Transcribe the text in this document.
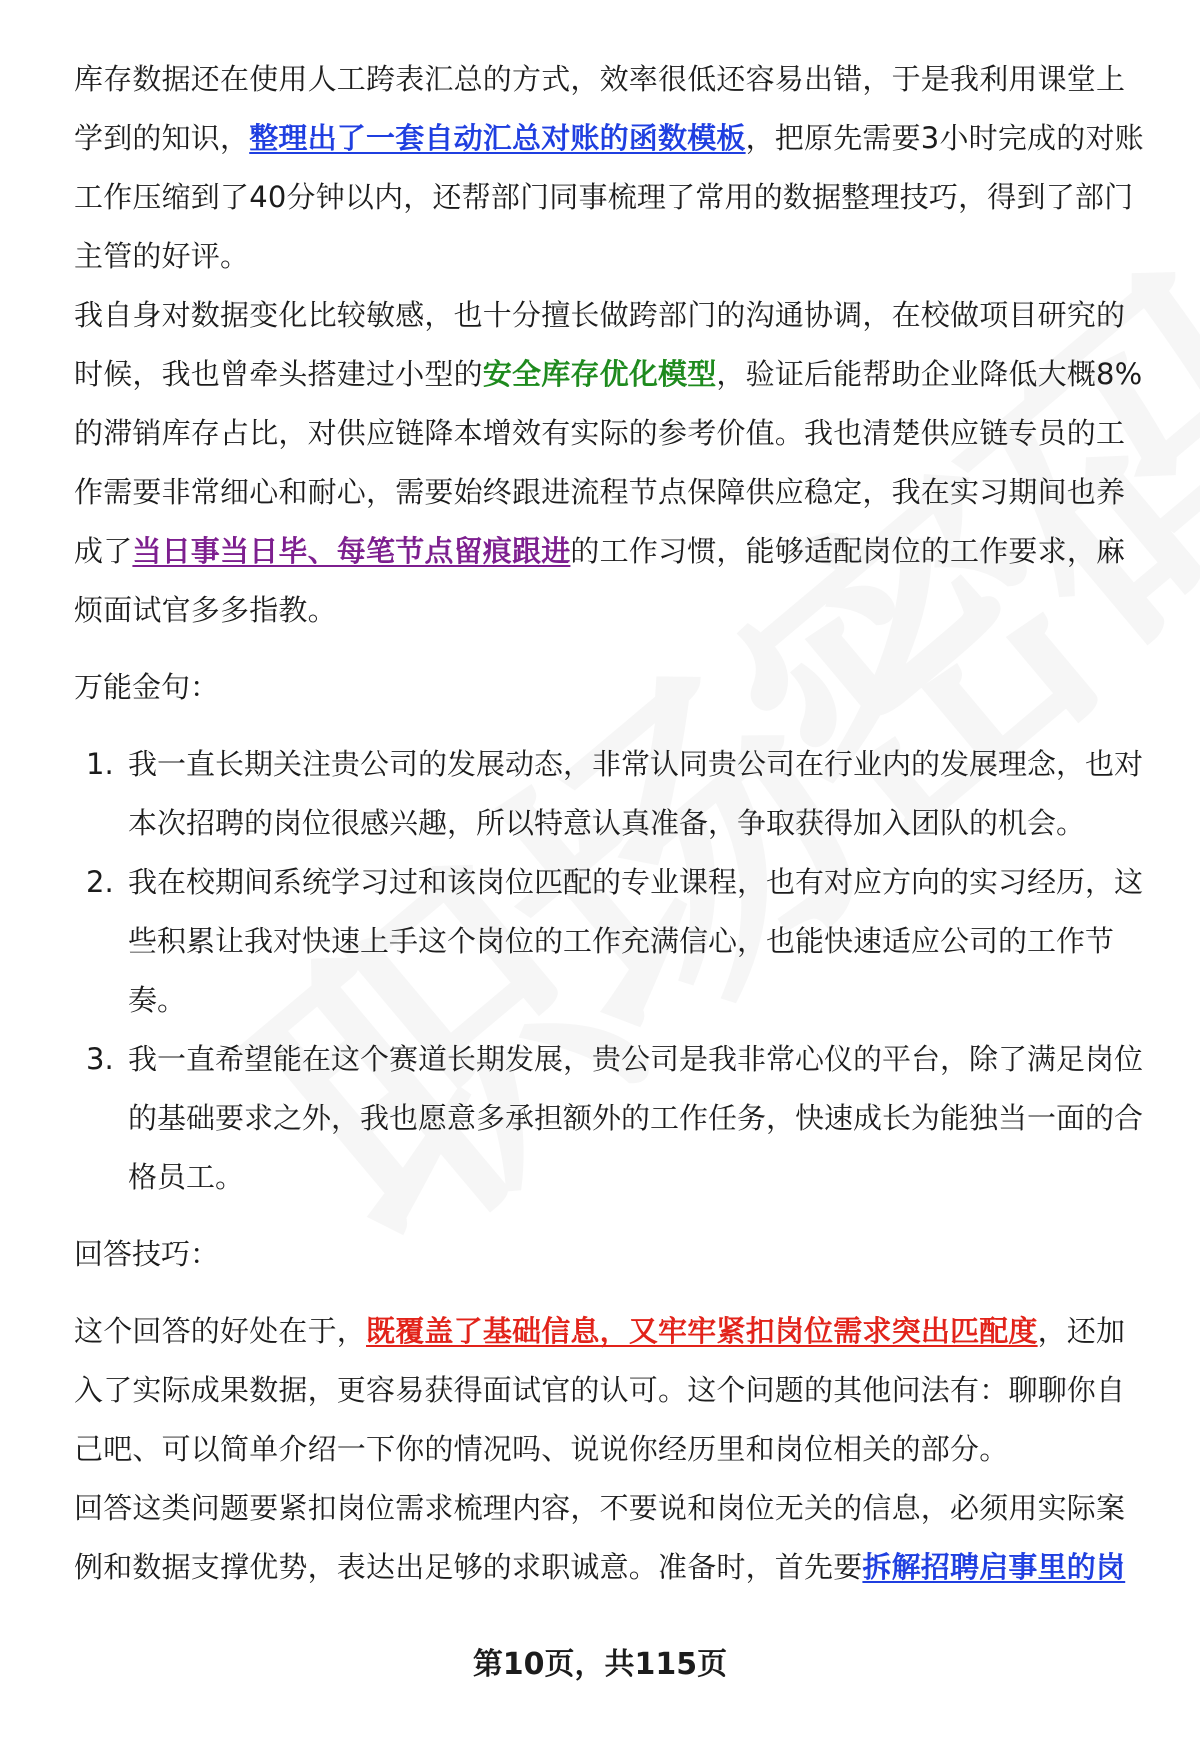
库存数据还在使用人工跨表汇总的方式，效率很低还容易出错，于是我利用课堂上学到的知识，整理出了一套自动汇总对账的函数模板，把原先需要3小时完成的对账工作压缩到了40分钟以内，还帮部门同事梳理了常用的数据整理技巧，得到了部门主管的好评。

我自身对数据变化比较敏感，也十分擅长做跨部门的沟通协调，在校做项目研究的时候，我也曾牵头搭建过小型的安全库存优化模型，验证后能帮助企业降低大概8%的滞销库存占比，对供应链降本增效有实际的参考价值。我也清楚供应链专员的工作需要非常细心和耐心，需要始终跟进流程节点保障供应稳定，我在实习期间也养成了当日事当日毕、每笔节点留痕跟进的工作习惯，能够适配岗位的工作要求，麻烦面试官多多指教。

万能金句：

1. 我一直长期关注贵公司的发展动态，非常认同贵公司在行业内的发展理念，也对本次招聘的岗位很感兴趣，所以特意认真准备，争取获得加入团队的机会。
2. 我在校期间系统学习过和该岗位匹配的专业课程，也有对应方向的实习经历，这些积累让我对快速上手这个岗位的工作充满信心，也能快速适应公司的工作节奏。
3. 我一直希望能在这个赛道长期发展，贵公司是我非常心仪的平台，除了满足岗位的基础要求之外，我也愿意多承担额外的工作任务，快速成长为能独当一面的合格员工。

回答技巧：

这个回答的好处在于，既覆盖了基础信息，又牢牢紧扣岗位需求突出匹配度，还加入了实际成果数据，更容易获得面试官的认可。这个问题的其他问法有：聊聊你自己吧、可以简单介绍一下你的情况吗、说说你经历里和岗位相关的部分。

回答这类问题要紧扣岗位需求梳理内容，不要说和岗位无关的信息，必须用实际案例和数据支撑优势，表达出足够的求职诚意。准备时，首先要拆解招聘启事里的岗

第10页，共115页
